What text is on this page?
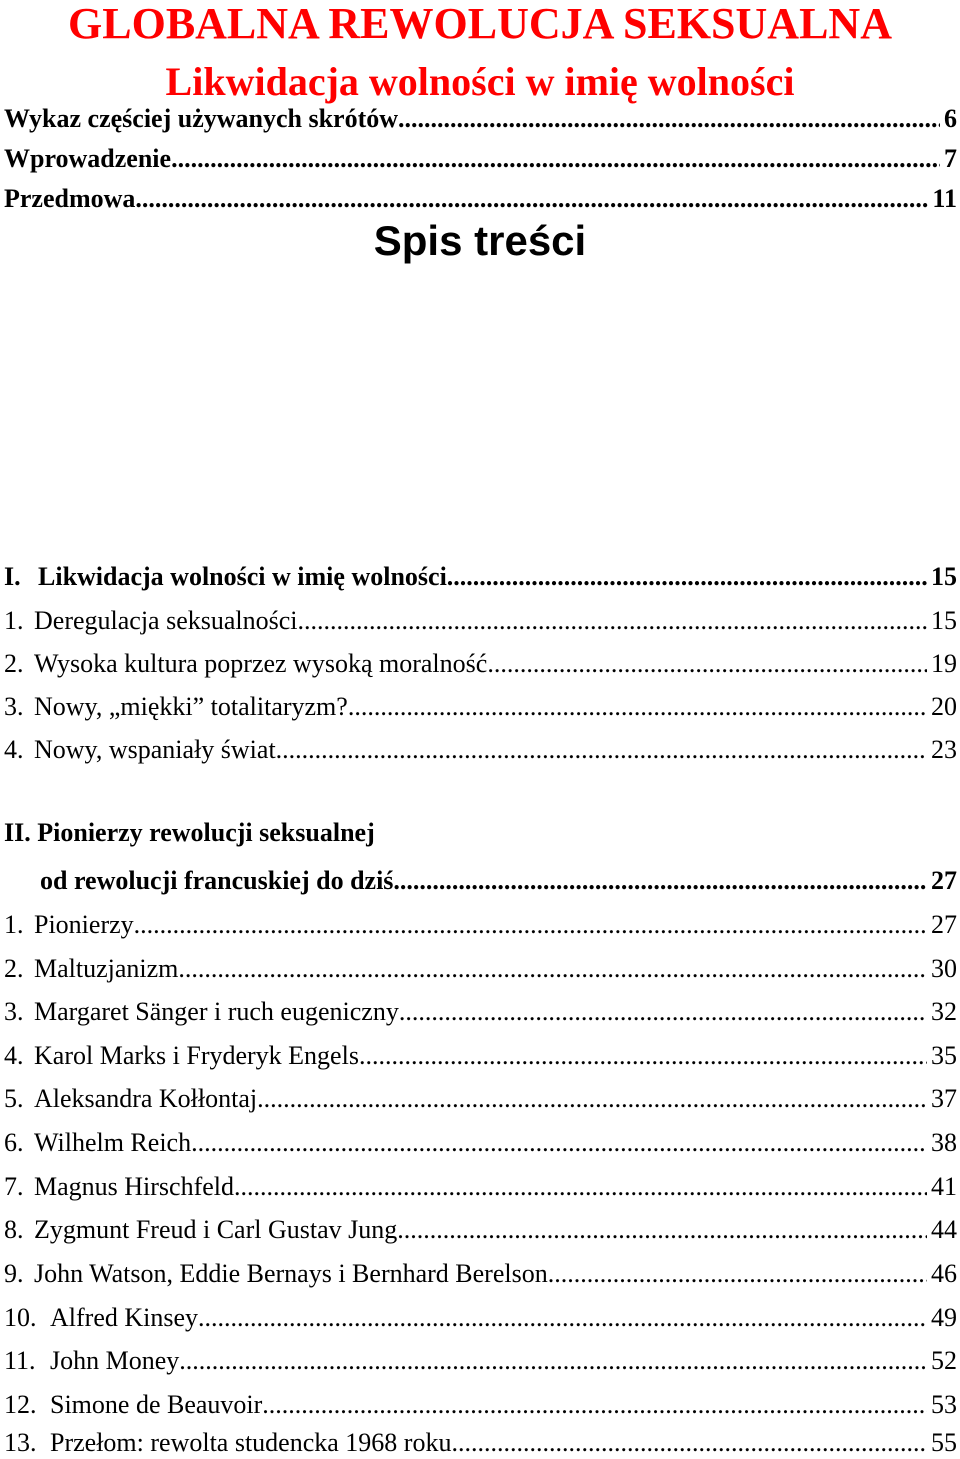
GLOBALNA REWOLUCJA SEKSUALNA
Likwidacja wolności w imię wolności
Spis treści
Wykaz częściej używanych skrótów .....	6
Wprowadzenie .....	7
Przedmowa .....	11
I. Likwidacja wolności w imię wolności .....	15
1. Deregulacja seksualności .....	15
2. Wysoka kultura poprzez wysoką moralność .....	19
3. Nowy, „miękki” totalitaryzm? .....	20
4. Nowy, wspaniały świat .....	23
II. Pionierzy rewolucji seksualnej
od rewolucji francuskiej do dziś .....	27
1. Pionierzy .....	27
2. Maltuzjanizm .....	30
3. Margaret Sänger i ruch eugeniczny .....	32
4. Karol Marks i Fryderyk Engels .....	35
5. Aleksandra Kołłontaj .....	37
6. Wilhelm Reich .....	38
7. Magnus Hirschfeld .....	41
8. Zygmunt Freud i Carl Gustav Jung .....	44
9. John Watson, Eddie Bernays i Bernhard Berelson .....	46
10. Alfred Kinsey .....	49
11. John Money .....	52
12. Simone de Beauvoir .....	53
13. Przełom: rewolta studencka 1968 roku .....	55
